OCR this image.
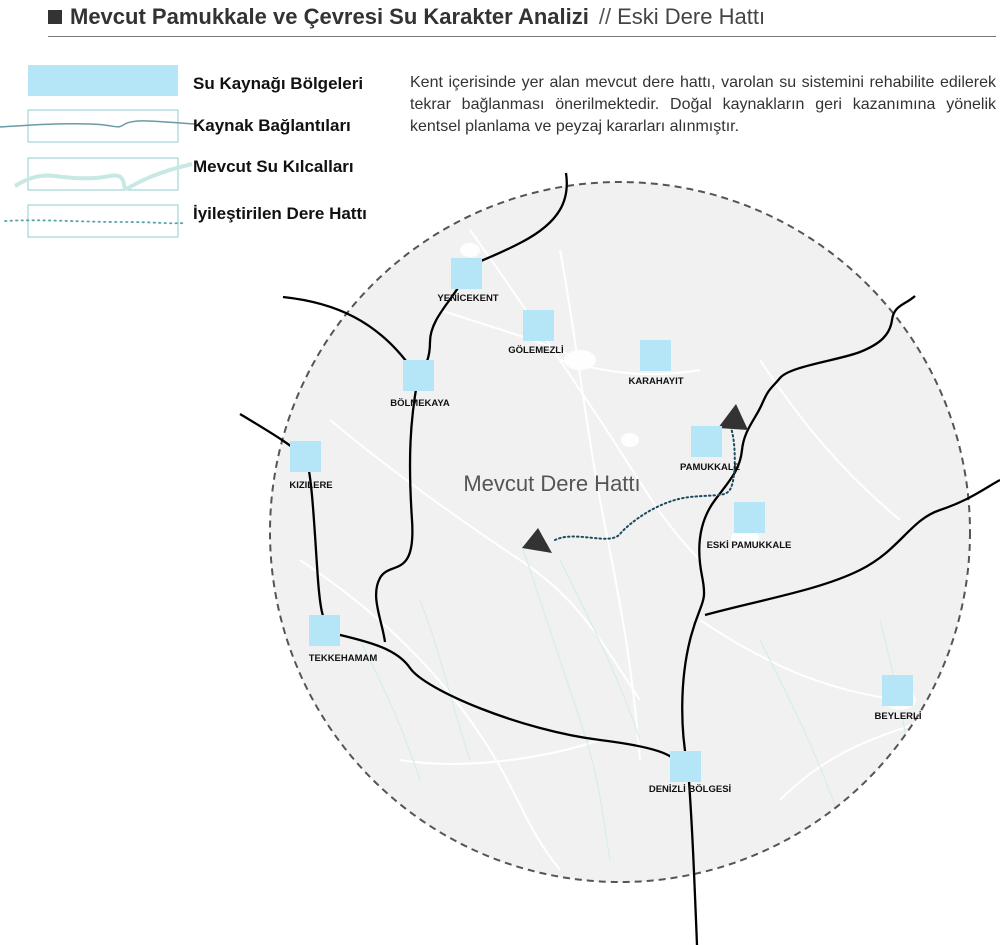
Mevcut Pamukkale ve Çevresi Su Karakter Analizi // Eski Dere Hattı
Su Kaynağı Bölgeleri
Kaynak Bağlantıları
Mevcut Su Kılcalları
İyileştirilen Dere Hattı
Kent içerisinde yer alan mevcut dere hattı, varolan su sistemini rehabilite edilerek tekrar bağlanması önerilmektedir. Doğal kaynakların geri kazanımına yönelik kentsel planlama ve peyzaj kararları alınmıştır.
YENİCEKENT
GÖLEMEZLİ
KARAHAYIT
BÖLMEKAYA
KIZILERE
PAMUKKALE
ESKİ PAMUKKALE
TEKKEHAMAM
BEYLERLİ
DENİZLİ BÖLGESİ
Mevcut Dere Hattı
